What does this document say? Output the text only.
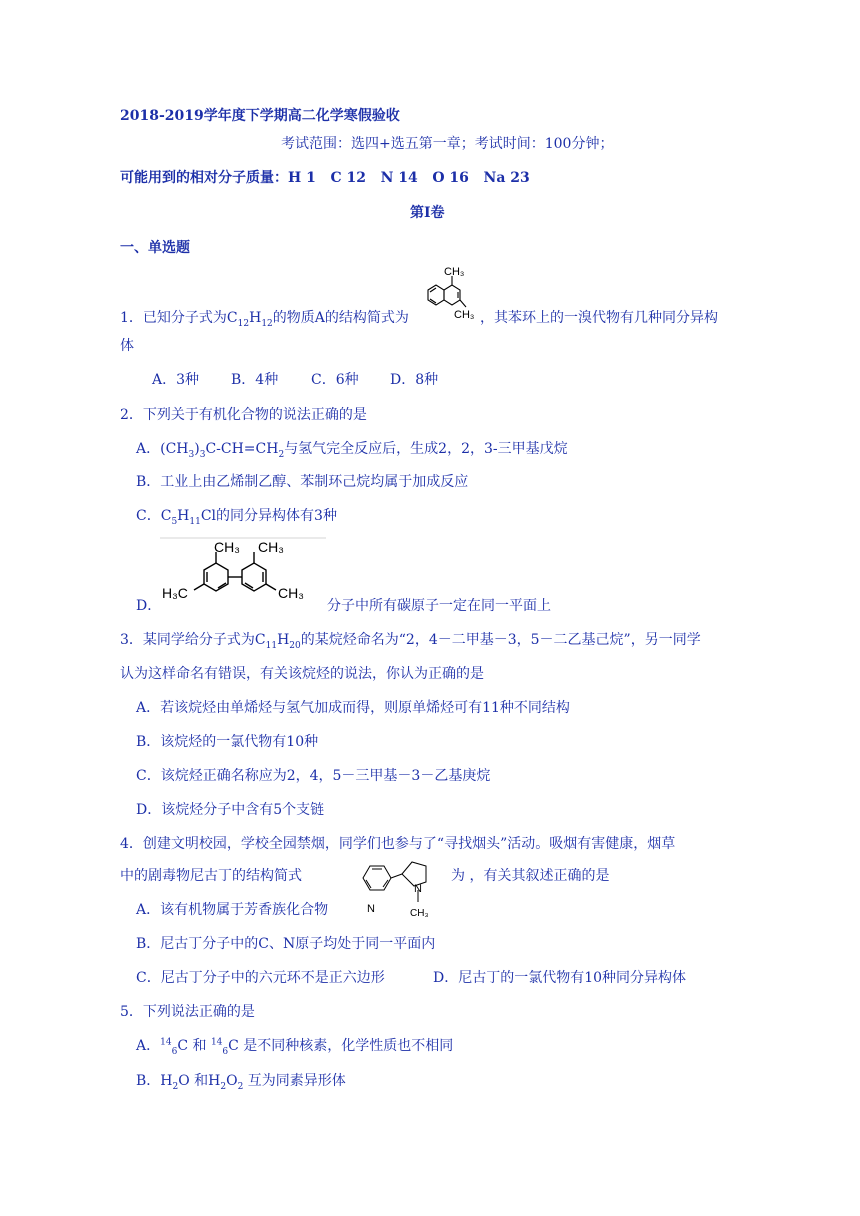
2018-2019学年度下学期高二化学寒假验收
考试范围：选四+选五第一章；考试时间：100分钟；
可能用到的相对分子质量：H 1   C 12   N 14   O 16   Na 23
第I卷
一、单选题
1．已知分子式为$C_{12}H_{12}$的物质A的结构简式为
CH₃
CH₃ ，其苯环上的一溴代物有几种同分异构
体
A．3种 B．4种 C．6种 D．8种
2．下列关于有机化合物的说法正确的是
A．$(CH_3)_3C-CH=CH_2$与氢气完全反应后，生成2，2，3-三甲基戊烷
B．工业上由乙烯制乙醇、苯制环己烷均属于加成反应
C．$C_5H_{11}Cl$的同分异构体有3种
D．
CH₃ CH₃
H₃C	CH₃
分子中所有碳原子一定在同一平面上
3．某同学给分子式为$C_{11}H_{20}$的某烷烃命名为“2，4－二甲基－3，5－二乙基己烷”，另一同学
认为这样命名有错误，有关该烷烃的说法，你认为正确的是
A．若该烷烃由单烯烃与氢气加成而得，则原单烯烃可有11种不同结构
B．该烷烃的一氯代物有10种
C．该烷烃正确名称应为2，4，5－三甲基－3－乙基庚烷
D．该烷烃分子中含有5个支链
4．创建文明校园，学校全园禁烟，同学们也参与了“寻找烟头”活动。吸烟有害健康，烟草
中的剧毒物尼古丁的结构简式
N
N
CH₃
为 ，有关其叙述正确的是
A．该有机物属于芳香族化合物
B．尼古丁分子中的C、N原子均处于同一平面内
C．尼古丁分子中的六元环不是正六边形	D．尼古丁的一氯代物有10种同分异构体
5．下列说法正确的是
A．$^{14}_6$C 和 $^{14}_6$C 是不同种核素，化学性质也不相同
B．$H_2O$ 和$H_2O_2$ 互为同素异形体
